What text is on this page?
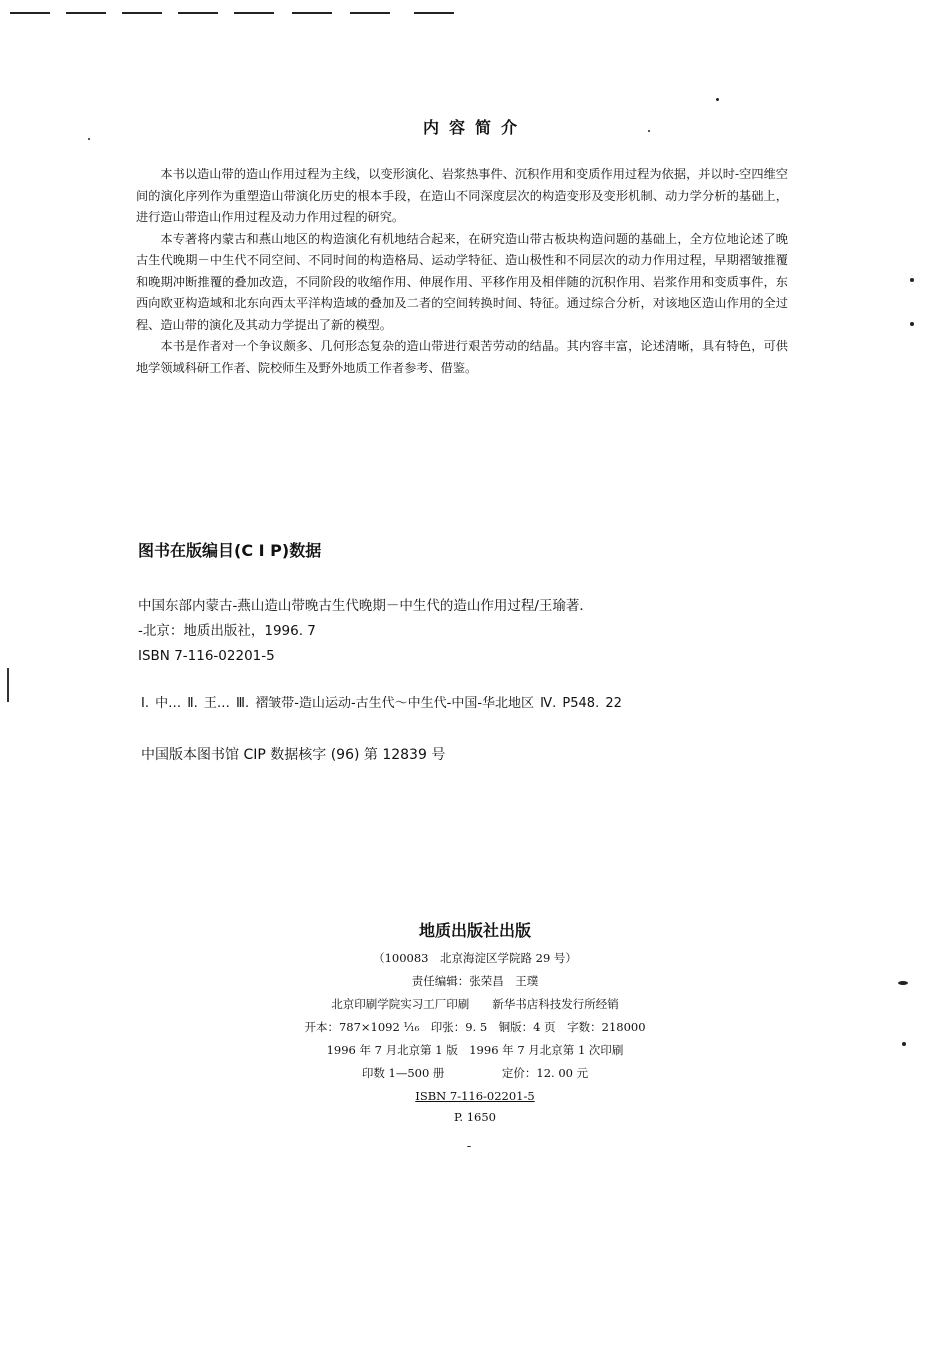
内容简介

本书以造山带的造山作用过程为主线，以变形演化、岩浆热事件、沉积作用和变质作用过程为依据，并以时-空四维空间的演化序列作为重塑造山带演化历史的根本手段，在造山不同深度层次的构造变形及变形机制、动力学分析的基础上，进行造山带造山作用过程及动力作用过程的研究。

本专著将内蒙古和燕山地区的构造演化有机地结合起来，在研究造山带古板块构造问题的基础上，全方位地论述了晚古生代晚期－中生代不同空间、不同时间的构造格局、运动学特征、造山极性和不同层次的动力作用过程，早期褶皱推覆和晚期冲断推覆的叠加改造，不同阶段的收缩作用、伸展作用、平移作用及相伴随的沉积作用、岩浆作用和变质事件，东西向欧亚构造域和北东向西太平洋构造域的叠加及二者的空间转换时间、特征。通过综合分析，对该地区造山作用的全过程、造山带的演化及其动力学提出了新的模型。

本书是作者对一个争议颇多、几何形态复杂的造山带进行艰苦劳动的结晶。其内容丰富，论述清晰，具有特色，可供地学领域科研工作者、院校师生及野外地质工作者参考、借鉴。

图书在版编目(C I P)数据
中国东部内蒙古-燕山造山带晚古生代晚期－中生代的造山作用过程/王瑜著．
-北京：地质出版社，1996. 7
ISBN 7-116-02201-5
Ⅰ. 中… Ⅱ. 王… Ⅲ. 褶皱带-造山运动-古生代～中生代-中国-华北地区 Ⅳ. P548. 22
中国版本图书馆 CIP 数据核字 (96) 第 12839 号
地质出版社出版
（100083　北京海淀区学院路 29 号）
责任编辑：张荣昌　王璞
北京印刷学院实习工厂印刷　　新华书店科技发行所经销
开本：787×1092 ¹⁄₁₆　印张：9. 5　铜版：4 页　字数：218000
1996 年 7 月北京第 1 版　1996 年 7 月北京第 1 次印刷
印数 1—500 册　　　　　定价：12. 00 元
ISBN 7-116-02201-5
P. 1650
